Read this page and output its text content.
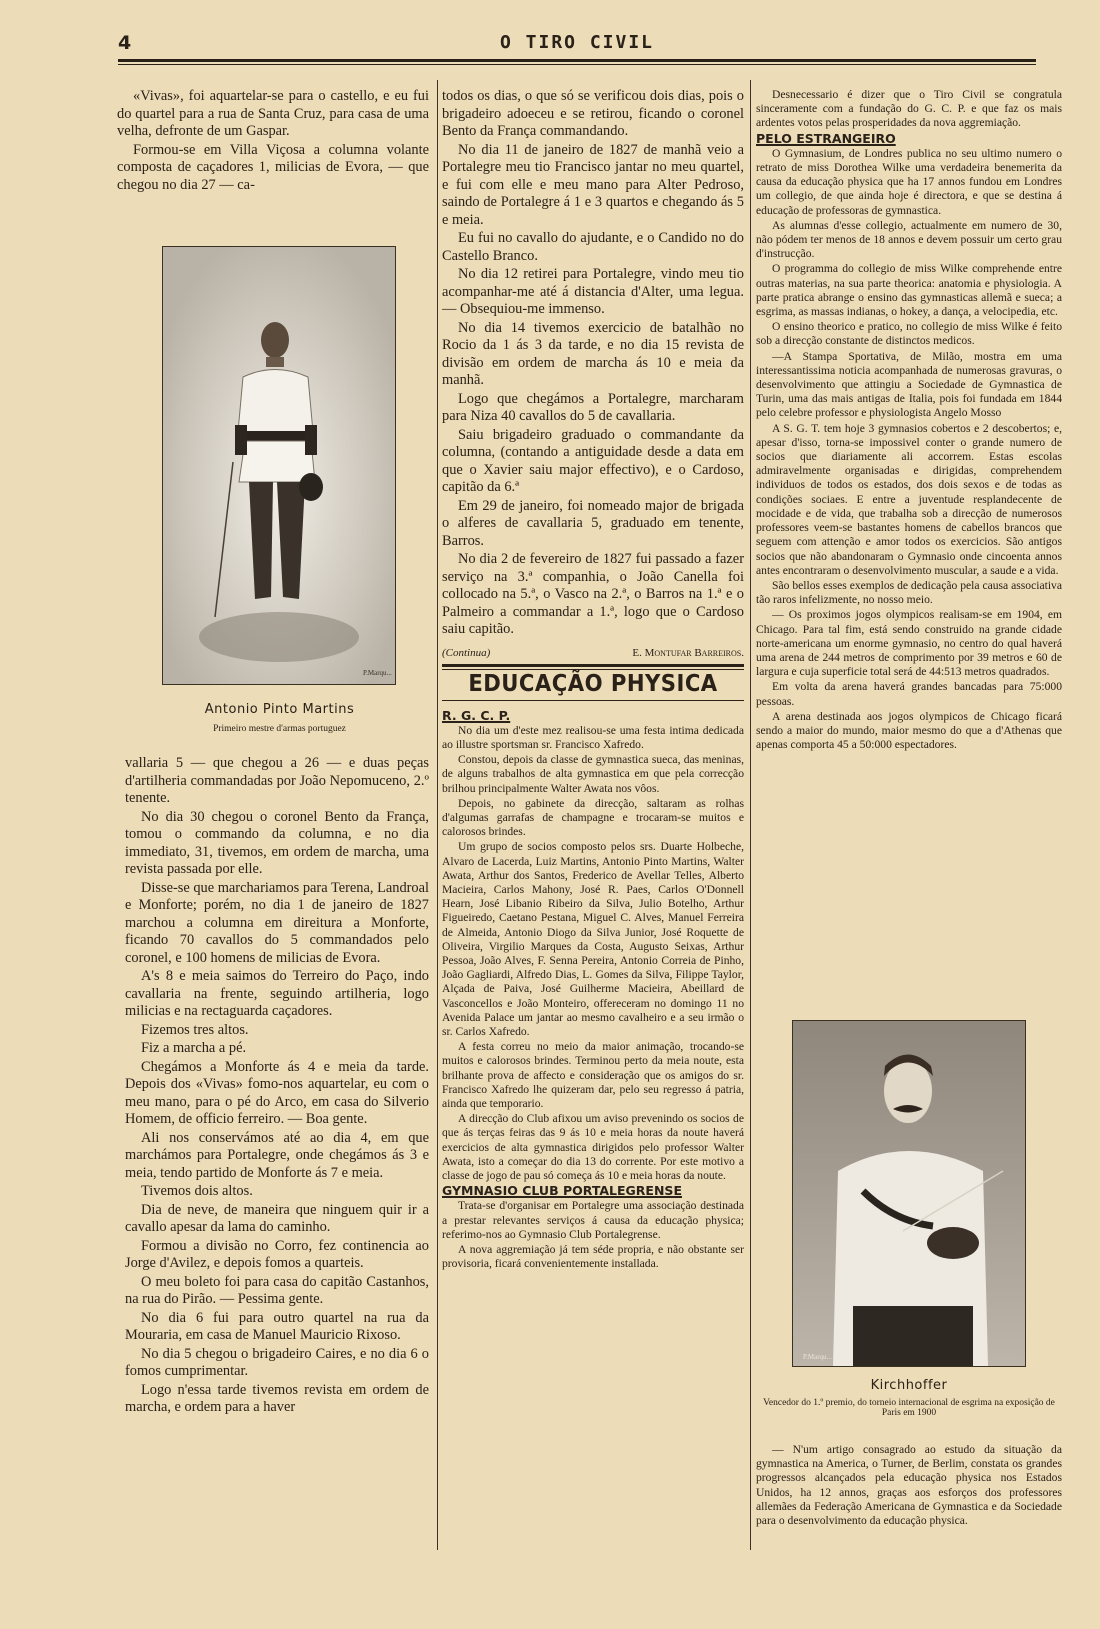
4	O TIRO CIVIL

«Vivas», foi aquartelar-se para o castello, e eu fui do quartel para a rua de Santa Cruz, para casa de uma velha, defronte de um Gaspar.

Formou-se em Villa Viçosa a columna volante composta de caçadores 1, milicias de Evora, — que chegou no dia 27 — ca-

P.Marqu...
Antonio Pinto Martins
Primeiro mestre d'armas portuguez

vallaria 5 — que chegou a 26 — e duas peças d'artilheria commandadas por João Nepomuceno, 2.º tenente.

No dia 30 chegou o coronel Bento da França, tomou o commando da columna, e no dia immediato, 31, tivemos, em ordem de marcha, uma revista passada por elle.

Disse-se que marchariamos para Terena, Landroal e Monforte; porém, no dia 1 de janeiro de 1827 marchou a columna em direitura a Monforte, ficando 70 cavallos do 5 commandados pelo coronel, e 100 homens de milicias de Evora.

A's 8 e meia saimos do Terreiro do Paço, indo cavallaria na frente, seguindo artilheria, logo milicias e na rectaguarda caçadores.

Fizemos tres altos.

Fiz a marcha a pé.

Chegámos a Monforte ás 4 e meia da tarde. Depois dos «Vivas» fomo-nos aquartelar, eu com o meu mano, para o pé do Arco, em casa do Silverio Homem, de officio ferreiro. — Boa gente.

Ali nos conservámos até ao dia 4, em que marchámos para Portalegre, onde chegámos ás 3 e meia, tendo partido de Monforte ás 7 e meia.

Tivemos dois altos.

Dia de neve, de maneira que ninguem quir ir a cavallo apesar da lama do caminho.

Formou a divisão no Corro, fez continencia ao Jorge d'Avilez, e depois fomos a quarteis.

O meu boleto foi para casa do capitão Castanhos, na rua do Pirão. — Pessima gente.

No dia 6 fui para outro quartel na rua da Mouraria, em casa de Manuel Mauricio Rixoso.

No dia 5 chegou o brigadeiro Caires, e no dia 6 o fomos cumprimentar.

Logo n'essa tarde tivemos revista em ordem de marcha, e ordem para a haver

todos os dias, o que só se verificou dois dias, pois o brigadeiro adoeceu e se retirou, ficando o coronel Bento da França commandando.

No dia 11 de janeiro de 1827 de manhã veio a Portalegre meu tio Francisco jantar no meu quartel, e fui com elle e meu mano para Alter Pedroso, saindo de Portalegre á 1 e 3 quartos e chegando ás 5 e meia.

Eu fui no cavallo do ajudante, e o Candido no do Castello Branco.

No dia 12 retirei para Portalegre, vindo meu tio acompanhar-me até á distancia d'Alter, uma legua. — Obsequiou-me immenso.

No dia 14 tivemos exercicio de batalhão no Rocio da 1 ás 3 da tarde, e no dia 15 revista de divisão em ordem de marcha ás 10 e meia da manhã.

Logo que chegámos a Portalegre, marcharam para Niza 40 cavallos do 5 de cavallaria.

Saiu brigadeiro graduado o commandante da columna, (contando a antiguidade desde a data em que o Xavier saiu major effectivo), e o Cardoso, capitão da 6.ª

Em 29 de janeiro, foi nomeado major de brigada o alferes de cavallaria 5, graduado em tenente, Barros.

No dia 2 de fevereiro de 1827 fui passado a fazer serviço na 3.ª companhia, o João Canella foi collocado na 5.ª, o Vasco na 2.ª, o Barros na 1.ª e o Palmeiro a commandar a 1.ª, logo que o Cardoso saiu capitão.

(Continua)	E. Montufar Barreiros.
EDUCAÇÃO PHYSICA

R. G. C. P.

No dia um d'este mez realisou-se uma festa intima dedicada ao illustre sportsman sr. Francisco Xafredo.

Constou, depois da classe de gymnastica sueca, das meninas, de alguns trabalhos de alta gymnastica em que pela correcção brilhou principalmente Walter Awata nos vôos.

Depois, no gabinete da direcção, saltaram as rolhas d'algumas garrafas de champagne e trocaram-se muitos e calorosos brindes.

Um grupo de socios composto pelos srs. Duarte Holbeche, Alvaro de Lacerda, Luiz Martins, Antonio Pinto Martins, Walter Awata, Arthur dos Santos, Frederico de Avellar Telles, Alberto Macieira, Carlos Mahony, José R. Paes, Carlos O'Donnell Hearn, José Libanio Ribeiro da Silva, Julio Botelho, Arthur Figueiredo, Caetano Pestana, Miguel C. Alves, Manuel Ferreira de Almeida, Antonio Diogo da Silva Junior, José Roquette de Oliveira, Virgilio Marques da Costa, Augusto Seixas, Arthur Pessoa, João Alves, F. Senna Pereira, Antonio Correia de Pinho, João Gagliardi, Alfredo Dias, L. Gomes da Silva, Filippe Taylor, Alçada de Paiva, José Guilherme Macieira, Abeillard de Vasconcellos e João Monteiro, offereceram no domingo 11 no Avenida Palace um jantar ao mesmo cavalheiro e a seu irmão o sr. Carlos Xafredo.

A festa correu no meio da maior animação, trocando-se muitos e calorosos brindes. Terminou perto da meia noute, esta brilhante prova de affecto e consideração que os amigos do sr. Francisco Xafredo lhe quizeram dar, pelo seu regresso á patria, ainda que temporario.

A direcção do Club afixou um aviso prevenindo os socios de que ás terças feiras das 9 ás 10 e meia horas da noute haverá exercicios de alta gymnastica dirigidos pelo professor Walter Awata, isto a começar do dia 13 do corrente. Por este motivo a classe de jogo de pau só começa ás 10 e meia horas da noute.

GYMNASIO CLUB PORTALEGRENSE

Trata-se d'organisar em Portalegre uma associação destinada a prestar relevantes serviços á causa da educação physica; referimo-nos ao Gymnasio Club Portalegrense.

A nova aggremiação já tem séde propria, e não obstante ser provisoria, ficará convenientemente installada.

Desnecessario é dizer que o Tiro Civil se congratula sinceramente com a fundação do G. C. P. e que faz os mais ardentes votos pelas prosperidades da nova aggremiação.

PELO ESTRANGEIRO

O Gymnasium, de Londres publica no seu ultimo numero o retrato de miss Dorothea Wilke uma verdadeira benemerita da causa da educação physica que ha 17 annos fundou em Londres um collegio, de que ainda hoje é directora, e que se destina á educação de professoras de gymnastica.

As alumnas d'esse collegio, actualmente em numero de 30, não pódem ter menos de 18 annos e devem possuir um certo grau d'instrucção.

O programma do collegio de miss Wilke comprehende entre outras materias, na sua parte theorica: anatomia e physiologia. A parte pratica abrange o ensino das gymnasticas allemã e sueca; a esgrima, as massas indianas, o hokey, a dança, a velocipedia, etc.

O ensino theorico e pratico, no collegio de miss Wilke é feito sob a direcção constante de distinctos medicos.

—A Stampa Sportativa, de Milão, mostra em uma interessantissima noticia acompanhada de numerosas gravuras, o desenvolvimento que attingiu a Sociedade de Gymnastica de Turin, uma das mais antigas de Italia, pois foi fundada em 1844 pelo celebre professor e physiologista Angelo Mosso

A S. G. T. tem hoje 3 gymnasios cobertos e 2 descobertos; e, apesar d'isso, torna-se impossivel conter o grande numero de socios que diariamente ali accorrem. Estas escolas admiravelmente organisadas e dirigidas, comprehendem individuos de todos os estados, dos dois sexos e de todas as condições sociaes. E entre a juventude resplandecente de mocidade e de vida, que trabalha sob a direcção de numerosos professores veem-se bastantes homens de cabellos brancos que seguem com attenção e amor todos os exercicios. São antigos socios que não abandonaram o Gymnasio onde cincoenta annos antes encontraram o desenvolvimento muscular, a saude e a vida.

São bellos esses exemplos de dedicação pela causa associativa tão raros infelizmente, no nosso meio.

— Os proximos jogos olympicos realisam-se em 1904, em Chicago. Para tal fim, está sendo construido na grande cidade norte-americana um enorme gymnasio, no centro do qual haverá uma arena de 244 metros de comprimento por 39 metros e 60 de largura e cuja superficie total será de 44:513 metros quadrados.

Em volta da arena haverá grandes bancadas para 75:000 pessoas.

A arena destinada aos jogos olympicos de Chicago ficará sendo a maior do mundo, maior mesmo do que a d'Athenas que apenas comporta 45 a 50:000 espectadores.

P.Marqu...
Kirchhoffer
Vencedor do 1.º premio, do torneio internacional de esgrima na exposição de Paris em 1900

— N'um artigo consagrado ao estudo da situação da gymnastica na America, o Turner, de Berlim, constata os grandes progressos alcançados pela educação physica nos Estados Unidos, ha 12 annos, graças aos esforços dos professores allemães da Federação Americana de Gymnastica e da Sociedade para o desenvolvimento da educação physica.
